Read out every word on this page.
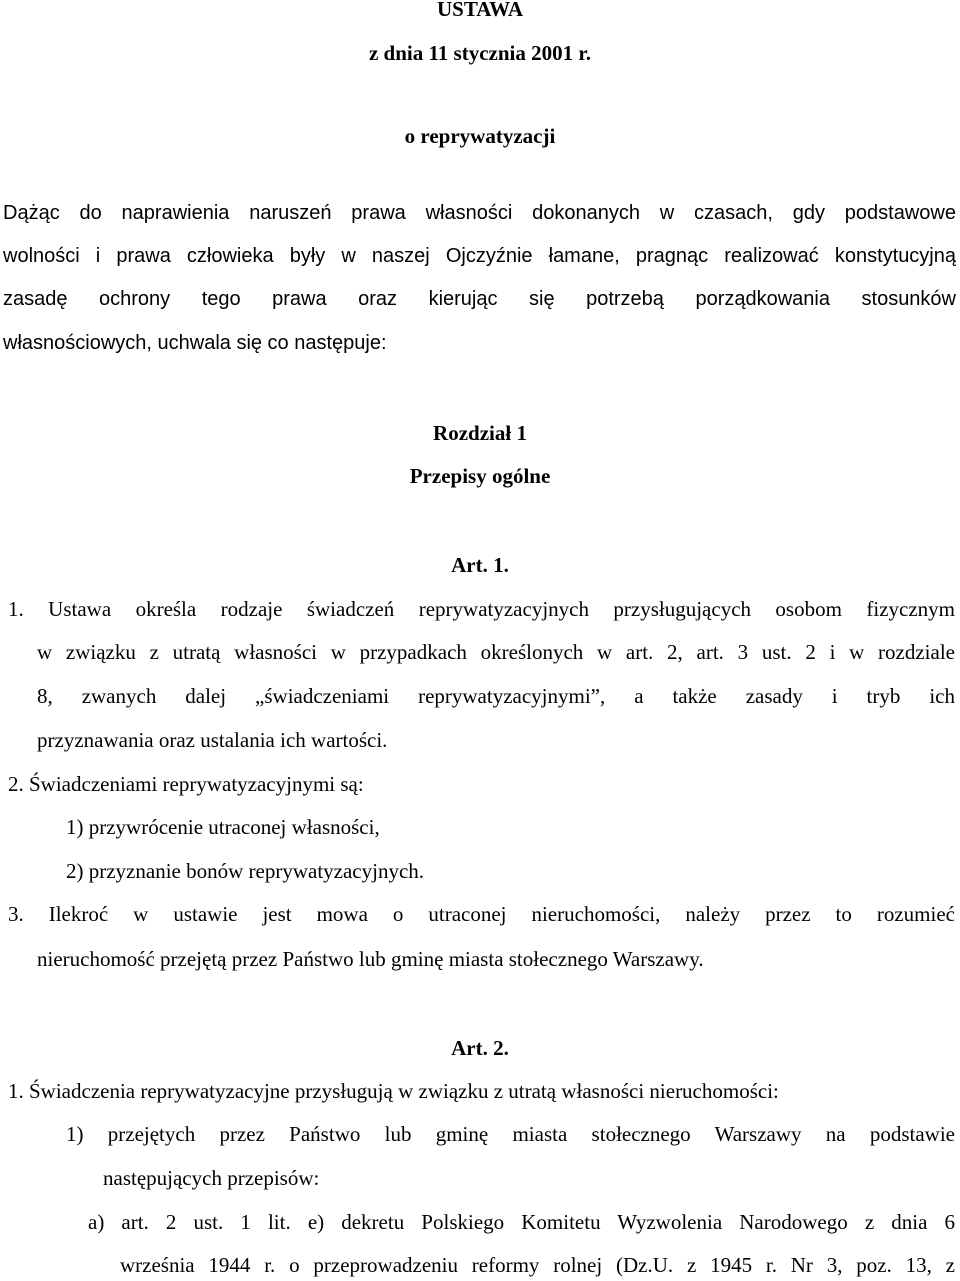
USTAWA
z dnia 11 stycznia 2001 r.
o reprywatyzacji
Dążąc do naprawienia naruszeń prawa własności dokonanych w czasach, gdy podstawowe
wolności i prawa człowieka były w naszej Ojczyźnie łamane, pragnąc realizować konstytucyjną
zasadę ochrony tego prawa oraz kierując się potrzebą porządkowania stosunków
własnościowych, uchwala się co następuje:
Rozdział 1
Przepisy ogólne
Art. 1.
1. Ustawa określa rodzaje świadczeń reprywatyzacyjnych przysługujących osobom fizycznym
w związku z utratą własności w przypadkach określonych w art. 2, art. 3 ust. 2 i w rozdziale
8, zwanych dalej „świadczeniami reprywatyzacyjnymi”, a także zasady i tryb ich
przyznawania oraz ustalania ich wartości.
2. Świadczeniami reprywatyzacyjnymi są:
1) przywrócenie utraconej własności,
2) przyznanie bonów reprywatyzacyjnych.
3. Ilekroć w ustawie jest mowa o utraconej nieruchomości, należy przez to rozumieć
nieruchomość przejętą przez Państwo lub gminę miasta stołecznego Warszawy.
Art. 2.
1. Świadczenia reprywatyzacyjne przysługują w związku z utratą własności nieruchomości:
1) przejętych przez Państwo lub gminę miasta stołecznego Warszawy na podstawie
następujących przepisów:
a) art. 2 ust. 1 lit. e) dekretu Polskiego Komitetu Wyzwolenia Narodowego z dnia 6
września 1944 r. o przeprowadzeniu reformy rolnej (Dz.U. z 1945 r. Nr 3, poz. 13, z
